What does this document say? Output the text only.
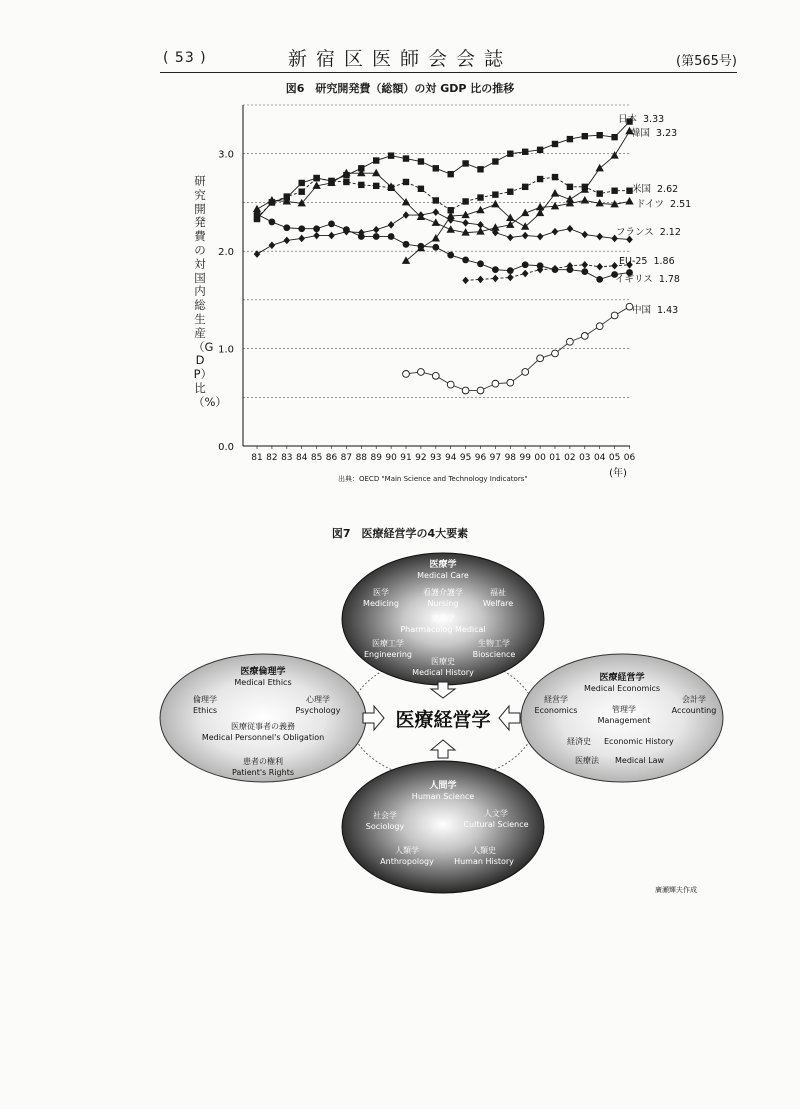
( 53 )	新宿区医師会会誌	(第565号)
図6　研究開発費（総額）の対 GDP 比の推移
研究開発費の対国内総生産（GDP）比（%）
0.0
1.0
2.0
3.0
81 82 83 84 85 86 87 88 89 90 91 92 93 94 95 96 97 98 99 00 01 02 03 04 05 06
(年)
日本 3.33
韓国 3.23
米国 2.62
ドイツ 2.51
フランス 2.12
EU-25 1.86
イギリス 1.78
中国 1.43
出典：OECD "Main Science and Technology Indicators"
図7　医療経営学の4大要素
医療経営学
医療学
Medical Care
医学
Medicing
看護介護学
Nursing
福祉
Welfare
薬理学
Pharmacolog Medical
医療工学
Engineering
生物工学
Bioscience
医療史
Medical History
医療倫理学
Medical Ethics
倫理学
Ethics
心理学
Psychology
医療従事者の義務
Medical Personnel's Obligation
患者の権利
Patient's Rights
医療経営学
Medical Economics
経営学
Economics
会計学
Accounting
管理学
Management
経済史 Economic History
医療法 Medical Law
人間学
Human Science
社会学
Sociology
人文学
Cultural Science
人類学
Anthropology
人類史
Human History
廣瀬輝夫作成
